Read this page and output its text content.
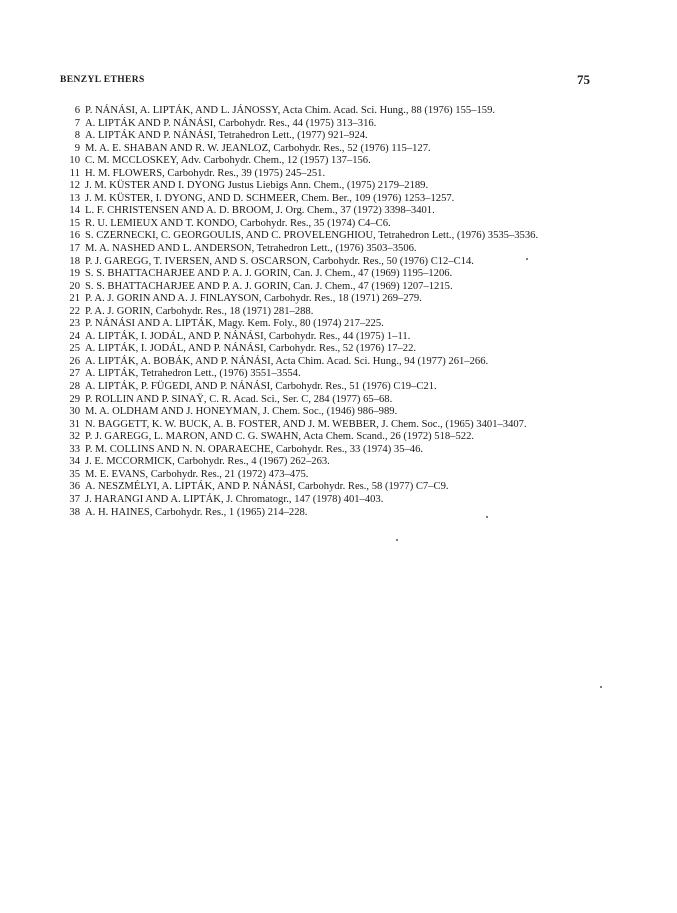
BENZYL ETHERS	75
6 P. NÁNÁSI, A. LIPTÁK, AND L. JÁNOSSY, Acta Chim. Acad. Sci. Hung., 88 (1976) 155–159.
7 A. LIPTÁK AND P. NÁNÁSI, Carbohydr. Res., 44 (1975) 313–316.
8 A. LIPTÁK AND P. NÁNÁSI, Tetrahedron Lett., (1977) 921–924.
9 M. A. E. SHABAN AND R. W. JEANLOZ, Carbohydr. Res., 52 (1976) 115–127.
10 C. M. MCCLOSKEY, Adv. Carbohydr. Chem., 12 (1957) 137–156.
11 H. M. FLOWERS, Carbohydr. Res., 39 (1975) 245–251.
12 J. M. KÜSTER AND I. DYONG Justus Liebigs Ann. Chem., (1975) 2179–2189.
13 J. M. KÜSTER, I. DYONG, AND D. SCHMEER, Chem. Ber., 109 (1976) 1253–1257.
14 L. F. CHRISTENSEN AND A. D. BROOM, J. Org. Chem., 37 (1972) 3398–3401.
15 R. U. LEMIEUX AND T. KONDO, Carbohydr. Res., 35 (1974) C4–C6.
16 S. CZERNECKI, C. GEORGOULIS, AND C. PROVELENGHIOU, Tetrahedron Lett., (1976) 3535–3536.
17 M. A. NASHED AND L. ANDERSON, Tetrahedron Lett., (1976) 3503–3506.
18 P. J. GAREGG, T. IVERSEN, AND S. OSCARSON, Carbohydr. Res., 50 (1976) C12–C14.
19 S. S. BHATTACHARJEE AND P. A. J. GORIN, Can. J. Chem., 47 (1969) 1195–1206.
20 S. S. BHATTACHARJEE AND P. A. J. GORIN, Can. J. Chem., 47 (1969) 1207–1215.
21 P. A. J. GORIN AND A. J. FINLAYSON, Carbohydr. Res., 18 (1971) 269–279.
22 P. A. J. GORIN, Carbohydr. Res., 18 (1971) 281–288.
23 P. NÁNÁSI AND A. LIPTÁK, Magy. Kem. Foly., 80 (1974) 217–225.
24 A. LIPTÁK, I. JODÁL, AND P. NÁNÁSI, Carbohydr. Res., 44 (1975) 1–11.
25 A. LIPTÁK, I. JODÁL, AND P. NÁNÁSI, Carbohydr. Res., 52 (1976) 17–22.
26 A. LIPTÁK, A. BOBÁK, AND P. NÁNÁSI, Acta Chim. Acad. Sci. Hung., 94 (1977) 261–266.
27 A. LIPTÁK, Tetrahedron Lett., (1976) 3551–3554.
28 A. LIPTÁK, P. FÜGEDI, AND P. NÁNÁSI, Carbohydr. Res., 51 (1976) C19–C21.
29 P. ROLLIN AND P. SINAŸ, C. R. Acad. Sci., Ser. C, 284 (1977) 65–68.
30 M. A. OLDHAM AND J. HONEYMAN, J. Chem. Soc., (1946) 986–989.
31 N. BAGGETT, K. W. BUCK, A. B. FOSTER, AND J. M. WEBBER, J. Chem. Soc., (1965) 3401–3407.
32 P. J. GAREGG, L. MARON, AND C. G. SWAHN, Acta Chem. Scand., 26 (1972) 518–522.
33 P. M. COLLINS AND N. N. OPARAECHE, Carbohydr. Res., 33 (1974) 35–46.
34 J. E. MCCORMICK, Carbohydr. Res., 4 (1967) 262–263.
35 M. E. EVANS, Carbohydr. Res., 21 (1972) 473–475.
36 A. NESZMÉLYI, A. LIPTÁK, AND P. NÁNÁSI, Carbohydr. Res., 58 (1977) C7–C9.
37 J. HARANGI AND A. LIPTÁK, J. Chromatogr., 147 (1978) 401–403.
38 A. H. HAINES, Carbohydr. Res., 1 (1965) 214–228.
